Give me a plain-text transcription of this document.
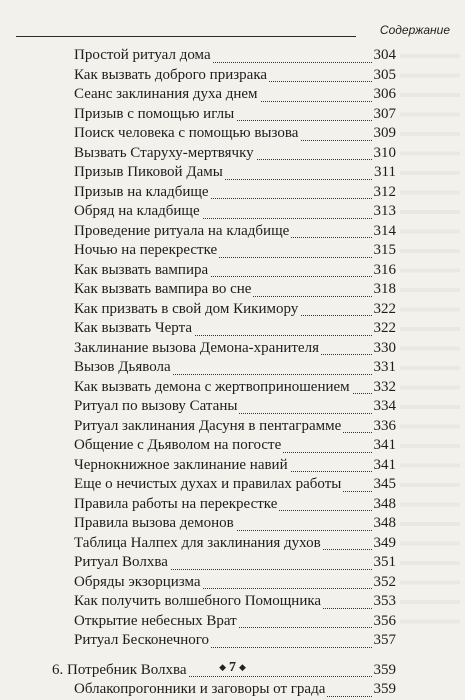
Содержание
Простой ритуал дома	304
Как вызвать доброго призрака	305
Сеанс заклинания духа днем	306
Призыв с помощью иглы	307
Поиск человека с помощью вызова	309
Вызвать Старуху-мертвячку	310
Призыв Пиковой Дамы	311
Призыв на кладбище	312
Обряд на кладбище	313
Проведение ритуала на кладбище	314
Ночью на перекрестке	315
Как вызвать вампира	316
Как вызвать вампира во сне	318
Как призвать в свой дом Кикимору	322
Как вызвать Черта	322
Заклинание вызова Демона-хранителя	330
Вызов Дьявола	331
Как вызвать демона с жертвоприношением 332
Ритуал по вызову Сатаны	334
Ритуал заклинания Дасуня в пентаграмме 336
Общение с Дьяволом на погосте	341
Чернокнижное заклинание навий	341
Еще о нечистых духах и правилах работы 345
Правила работы на перекрестке	348
Правила вызова демонов	348
Таблица Налпех для заклинания духов	349
Ритуал Волхва	351
Обряды экзорцизма	352
Как получить волшебного Помощника	353
Открытие небесных Врат	356
Ритуал Бесконечного	357
6. Потребник Волхва	359
Облакопрогонники и заговоры от града	359
◆ 7 ◆
